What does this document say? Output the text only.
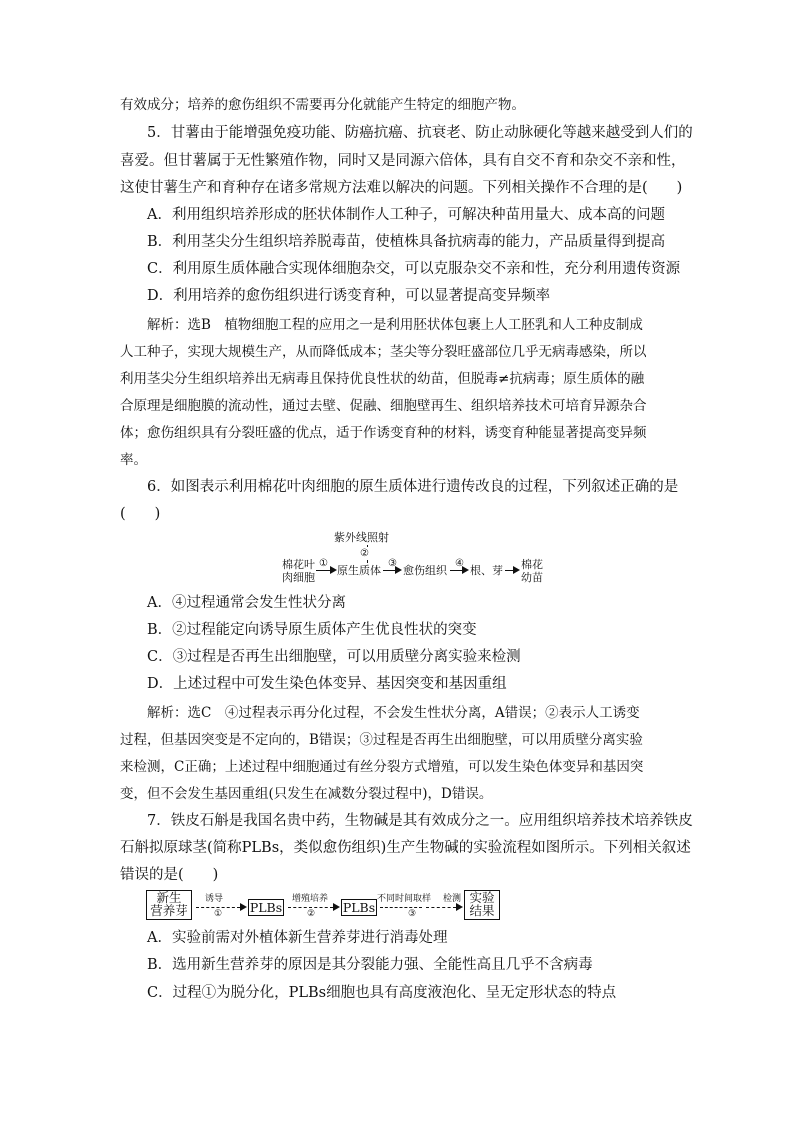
有效成分；培养的愈伤组织不需要再分化就能产生特定的细胞产物。
5．甘薯由于能增强免疫功能、防癌抗癌、抗衰老、防止动脉硬化等越来越受到人们的
喜爱。但甘薯属于无性繁殖作物，同时又是同源六倍体，具有自交不育和杂交不亲和性，
这使甘薯生产和育种存在诸多常规方法难以解决的问题。下列相关操作不合理的是(　　)
A．利用组织培养形成的胚状体制作人工种子，可解决种苗用量大、成本高的问题
B．利用茎尖分生组织培养脱毒苗，使植株具备抗病毒的能力，产品质量得到提高
C．利用原生质体融合实现体细胞杂交，可以克服杂交不亲和性，充分利用遗传资源
D．利用培养的愈伤组织进行诱变育种，可以显著提高变异频率
解析：选B　植物细胞工程的应用之一是利用胚状体包裹上人工胚乳和人工种皮制成
人工种子，实现大规模生产，从而降低成本；茎尖等分裂旺盛部位几乎无病毒感染，所以
利用茎尖分生组织培养出无病毒且保持优良性状的幼苗，但脱毒≠抗病毒；原生质体的融
合原理是细胞膜的流动性，通过去壁、促融、细胞壁再生、组织培养技术可培育异源杂合
体；愈伤组织具有分裂旺盛的优点，适于作诱变育种的材料，诱变育种能显著提高变异频
率。
6．如图表示利用棉花叶肉细胞的原生质体进行遗传改良的过程，下列叙述正确的是
(　　)
紫外线照射
②
棉花叶
肉细胞
①
原生质体
③
愈伤组织
④
根、芽 棉花
幼苗
A．④过程通常会发生性状分离
B．②过程能定向诱导原生质体产生优良性状的突变
C．③过程是否再生出细胞壁，可以用质壁分离实验来检测
D．上述过程中可发生染色体变异、基因突变和基因重组
解析：选C　④过程表示再分化过程，不会发生性状分离，A错误；②表示人工诱变
过程，但基因突变是不定向的，B错误；③过程是否再生出细胞壁，可以用质壁分离实验
来检测，C正确；上述过程中细胞通过有丝分裂方式增殖，可以发生染色体变异和基因突
变，但不会发生基因重组(只发生在减数分裂过程中)，D错误。
7．铁皮石斛是我国名贵中药，生物碱是其有效成分之一。应用组织培养技术培养铁皮
石斛拟原球茎(简称PLBs，类似愈伤组织)生产生物碱的实验流程如图所示。下列相关叙述
错误的是(　　)
新生
营养芽
诱导
① PLBs
增殖培养
② PLBs
不同时间取样
③
检测 实验
结果
A．实验前需对外植体新生营养芽进行消毒处理
B．选用新生营养芽的原因是其分裂能力强、全能性高且几乎不含病毒
C．过程①为脱分化，PLBs细胞也具有高度液泡化、呈无定形状态的特点
